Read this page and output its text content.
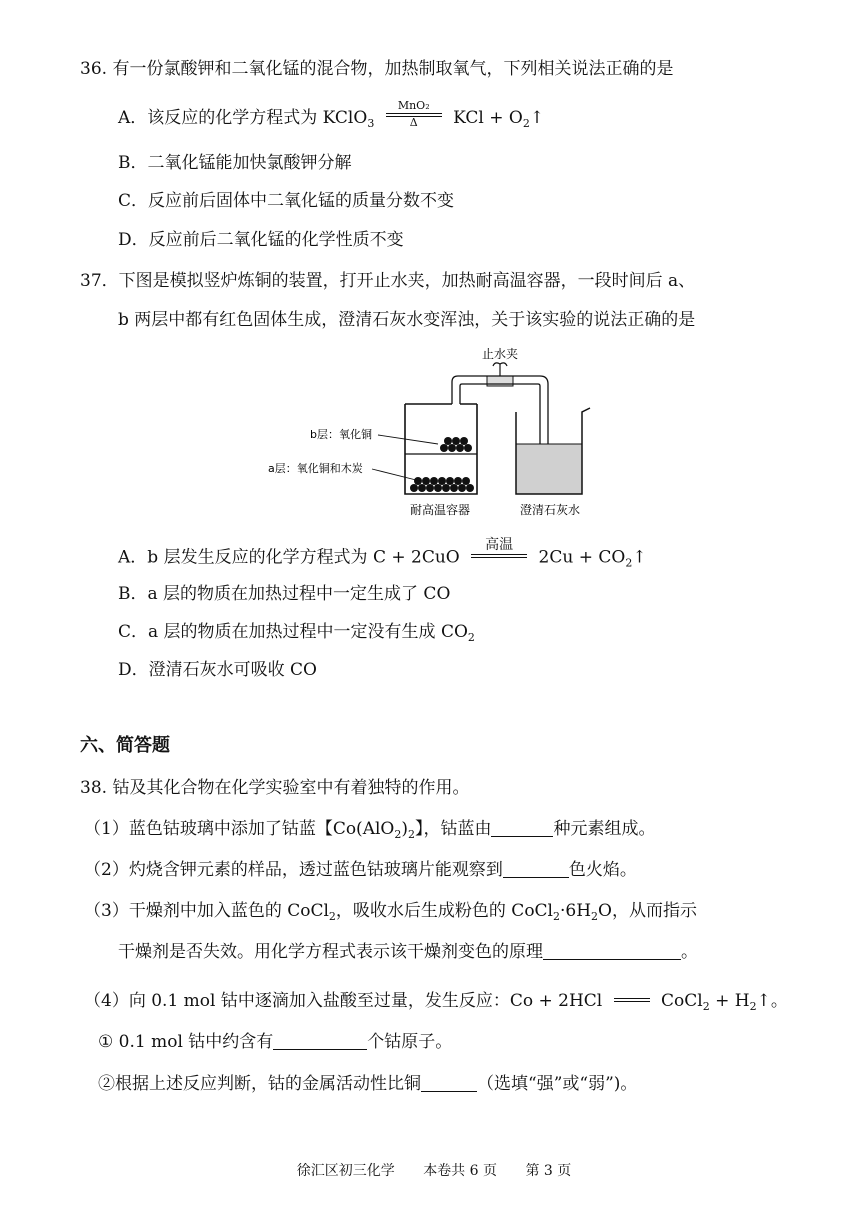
36. 有一份氯酸钾和二氧化锰的混合物，加热制取氧气，下列相关说法正确的是
A．该反应的化学方程式为 KClO$_3$
MnO₂
Δ KCl + $O_2↑$
B．二氧化锰能加快氯酸钾分解
C．反应前后固体中二氧化锰的质量分数不变
D．反应前后二氧化锰的化学性质不变
37．下图是模拟竖炉炼铜的装置，打开止水夹，加热耐高温容器，一段时间后 a、
b 两层中都有红色固体生成，澄清石灰水变浑浊，关于该实验的说法正确的是
止水夹
b层：氧化铜
a层：氧化铜和木炭
耐高温容器	澄清石灰水
A．b 层发生反应的化学方程式为 C + 2CuO
高温
$2Cu + CO_2↑$
B．a 层的物质在加热过程中一定生成了 CO
C．a 层的物质在加热过程中一定没有生成 $CO_2$
D．澄清石灰水可吸收 CO
六、简答题
38. 钴及其化合物在化学实验室中有着独特的作用。
（1）蓝色钴玻璃中添加了钴蓝【$Co(AlO_2)_2$】，钴蓝由	种元素组成。
（2）灼烧含钾元素的样品，透过蓝色钴玻璃片能观察到	色火焰。
（3）干燥剂中加入蓝色的 CoCl$_2$，吸收水后生成粉色的 $CoCl_2\cdot 6H_2O$，从而指示
干燥剂是否失效。用化学方程式表示该干燥剂变色的原理	。
（4）向 0.1 mol 钴中逐滴加入盐酸至过量，发生反应：Co + 2HCl	CoCl$_2$ + $H_2↑$。
① 0.1 mol 钴中约含有	个钴原子。
②根据上述反应判断，钴的金属活动性比铜	（选填“强”或“弱”)。
徐汇区初三化学 本卷共 6 页 第 3 页
